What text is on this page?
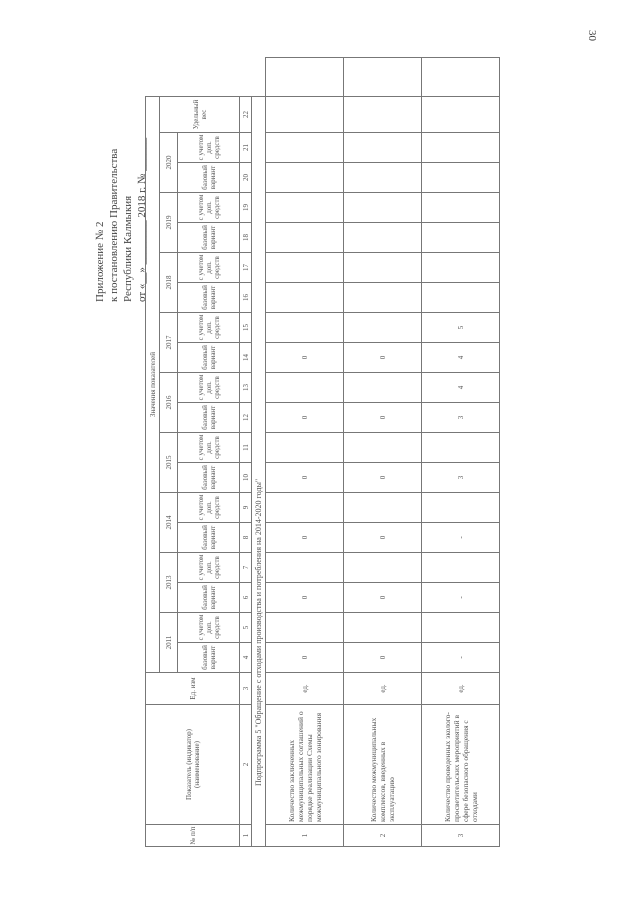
30
Приложение № 2 к постановлению Правительства Республики Калмыкия от «__» ________ 2018 г. № ______
№ п/п	Показатель (индикатор) (наименование)	Ед. изм	Значения показателей																			
			2011		2013		2014		2015		2016		2017		2018		2019		2020		Удельный вес	
			базовый вариант	с учетом доп. средств	базовый вариант	с учетом доп. средств	базовый вариант	с учетом доп. средств	базовый вариант	с учетом доп. средств	базовый вариант	с учетом доп. средств	базовый вариант	с учетом доп. средств	базовый вариант	с учетом доп. средств	базовый вариант	с учетом доп. средств	базовый вариант	с учетом доп. средств		
1	2	3	4	5	6	7	8	9	10	11	12	13	14	15	16	17	18	19	20	21	22	
Подпрограмма 5 "Обращение с отходами производства и потребления на 2014-2020 годы"																						
1	Количество заключенных межмуниципальных соглашений о порядке реализации Схемы межмуниципального зонирования	ед.	0		0		0		0		0		0									
2	Количество межмуниципальных комплексов, введенных в эксплуатацию	ед.	0		0		0		0		0		0									
3	Количество проведенных эколого-просветительских мероприятий в сфере безопасного обращения с отходами	ед.	-		-		-		3		3	4	4	5								
